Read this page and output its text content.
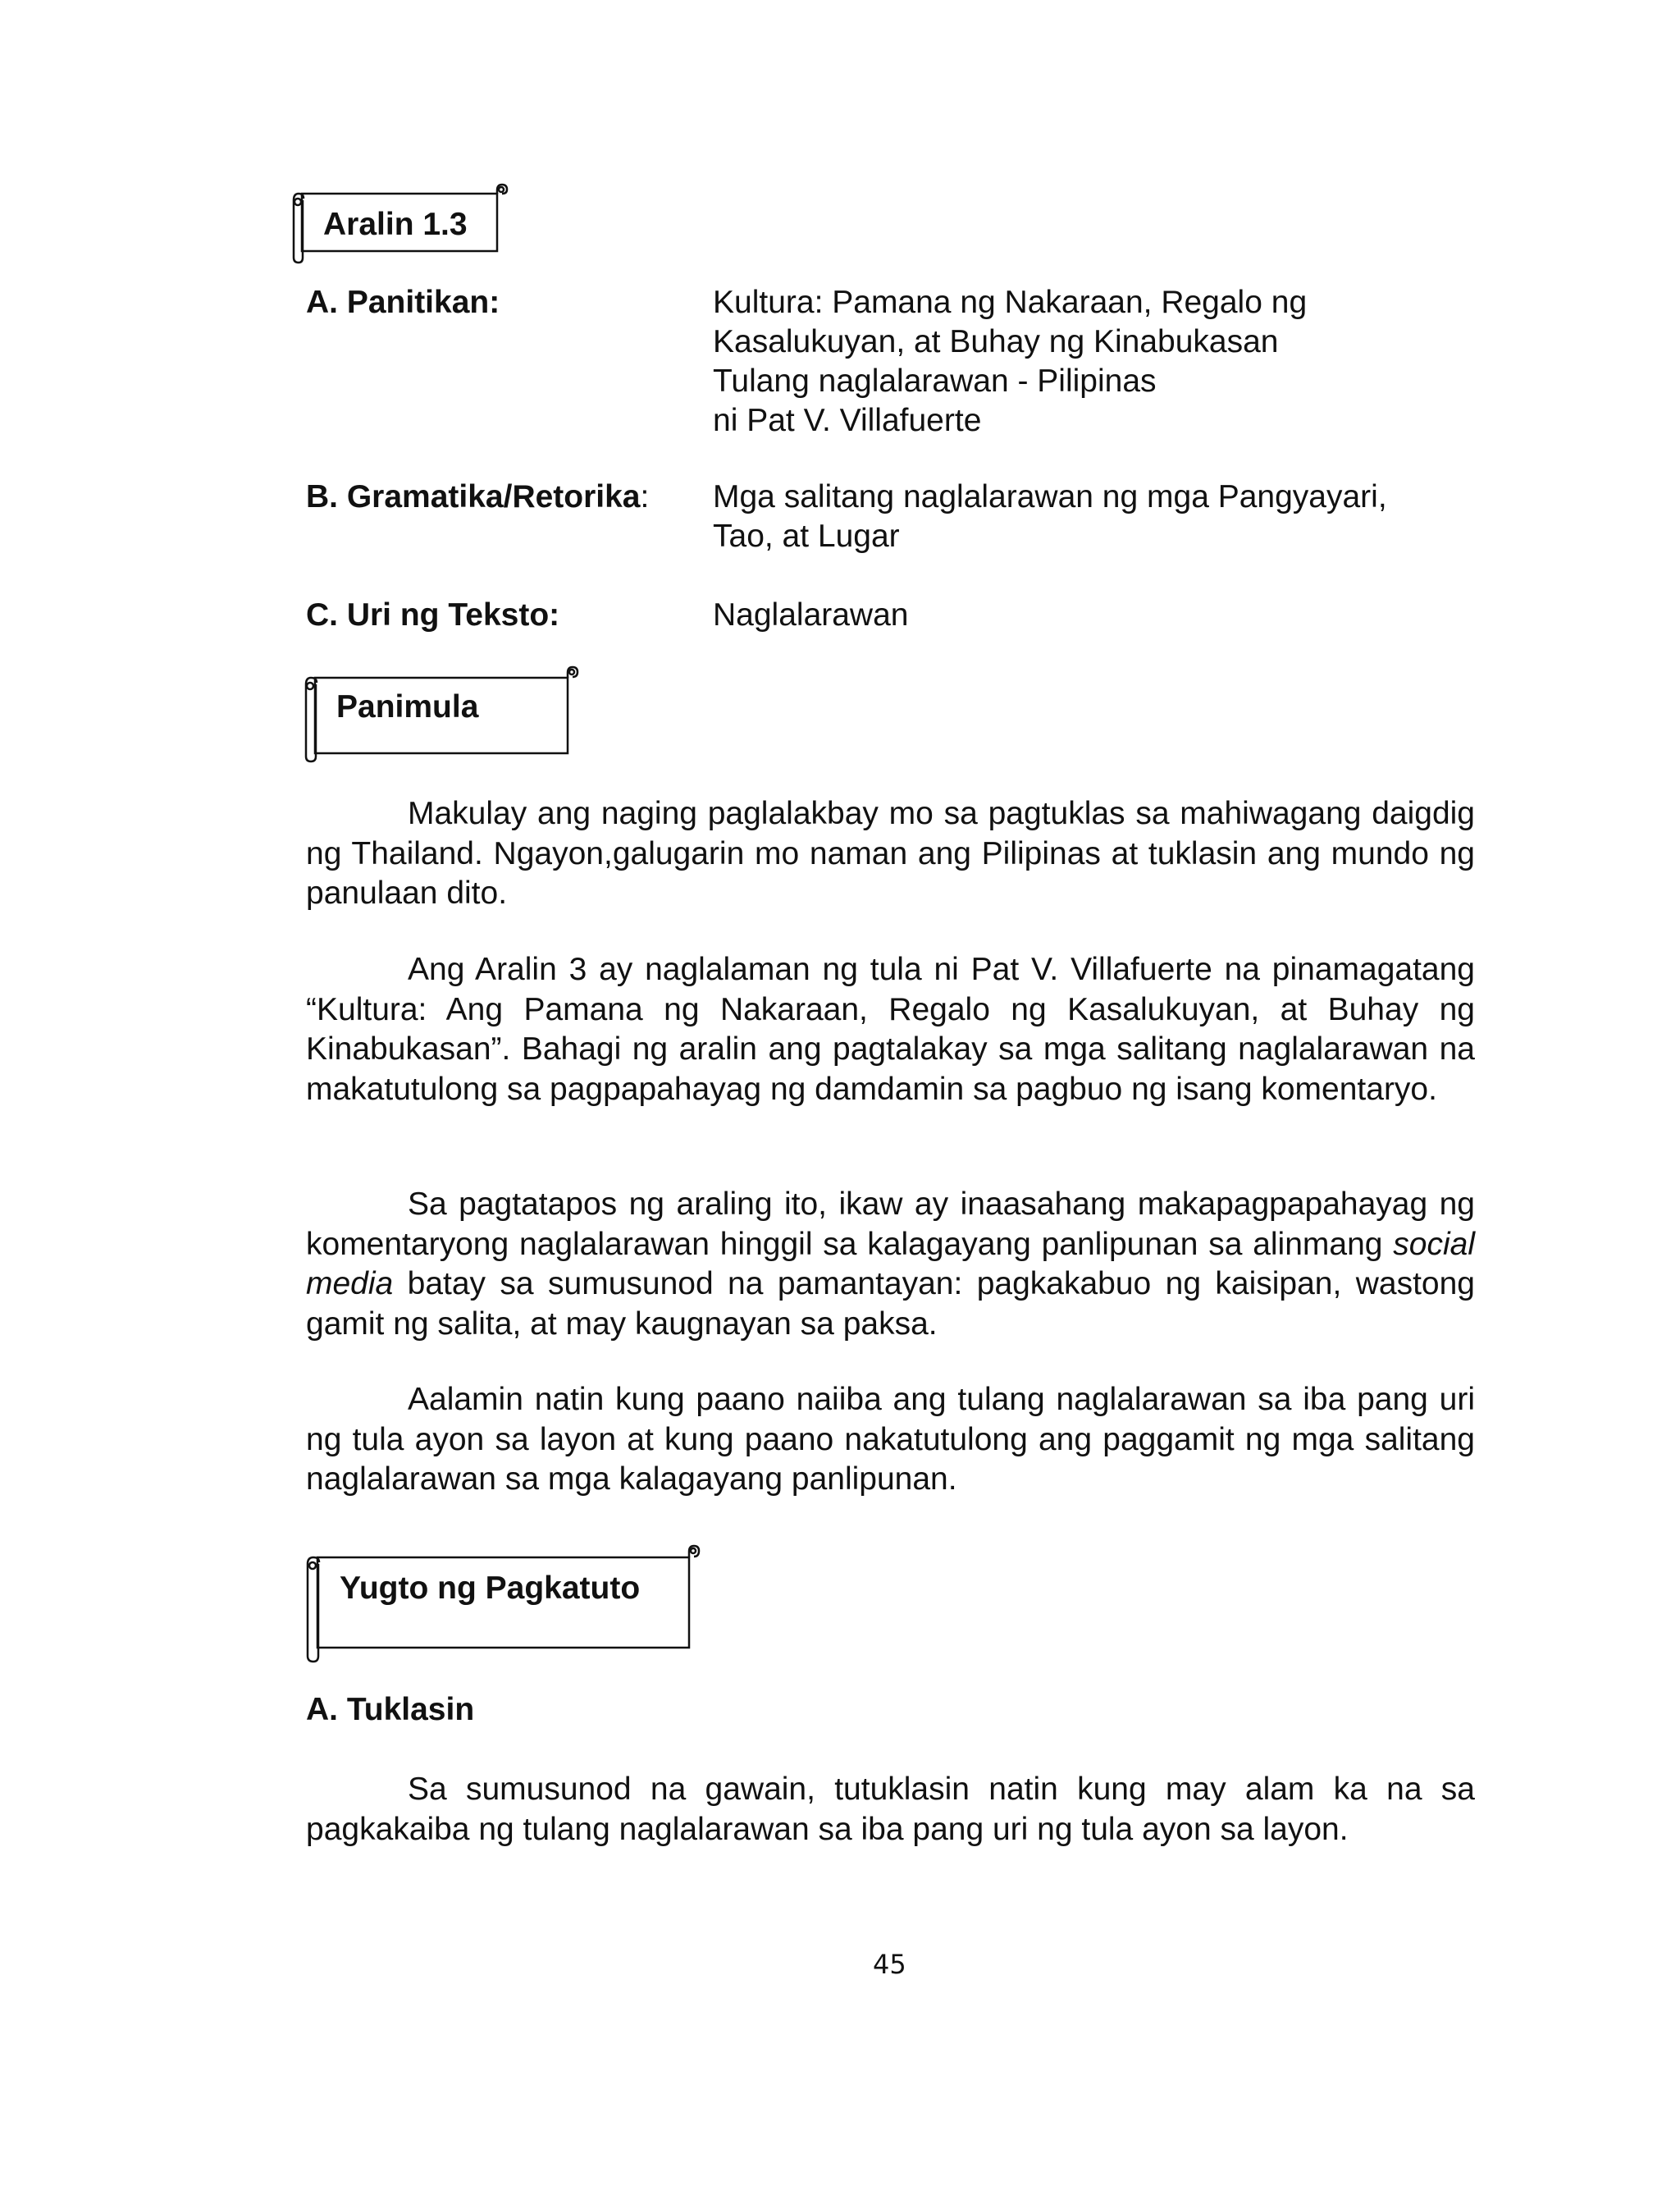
Aralin 1.3
A. Panitikan:	Kultura: Pamana ng Nakaraan, Regalo ng
Kasalukuyan, at Buhay ng Kinabukasan
Tulang naglalarawan - Pilipinas
ni Pat V. Villafuerte
B. Gramatika/Retorika: Mga salitang naglalarawan ng mga Pangyayari,
Tao, at Lugar
C. Uri ng Teksto:	Naglalarawan
Panimula

Makulay ang naging paglalakbay mo sa pagtuklas sa mahiwagang daigdig ng Thailand. Ngayon,galugarin mo naman ang Pilipinas at tuklasin ang mundo ng panulaan dito.

Ang Aralin 3 ay naglalaman ng tula ni Pat V. Villafuerte na pinamagatang “Kultura: Ang Pamana ng Nakaraan, Regalo ng Kasalukuyan, at Buhay ng Kinabukasan”. Bahagi ng aralin ang pagtalakay sa mga salitang naglalarawan na makatutulong sa pagpapahayag ng damdamin sa pagbuo ng isang komentaryo.

Sa pagtatapos ng araling ito, ikaw ay inaasahang makapagpapahayag ng komentaryong naglalarawan hinggil sa kalagayang panlipunan sa alinmang social media batay sa sumusunod na pamantayan: pagkakabuo ng kaisipan, wastong gamit ng salita, at may kaugnayan sa paksa.

Aalamin natin kung paano naiiba ang tulang naglalarawan sa iba pang uri ng tula ayon sa layon at kung paano nakatutulong ang paggamit ng mga salitang naglalarawan sa mga kalagayang panlipunan.

Yugto ng Pagkatuto
A. Tuklasin

Sa sumusunod na gawain, tutuklasin natin kung may alam ka na sa pagkakaiba ng tulang naglalarawan sa iba pang uri ng tula ayon sa layon.

45
